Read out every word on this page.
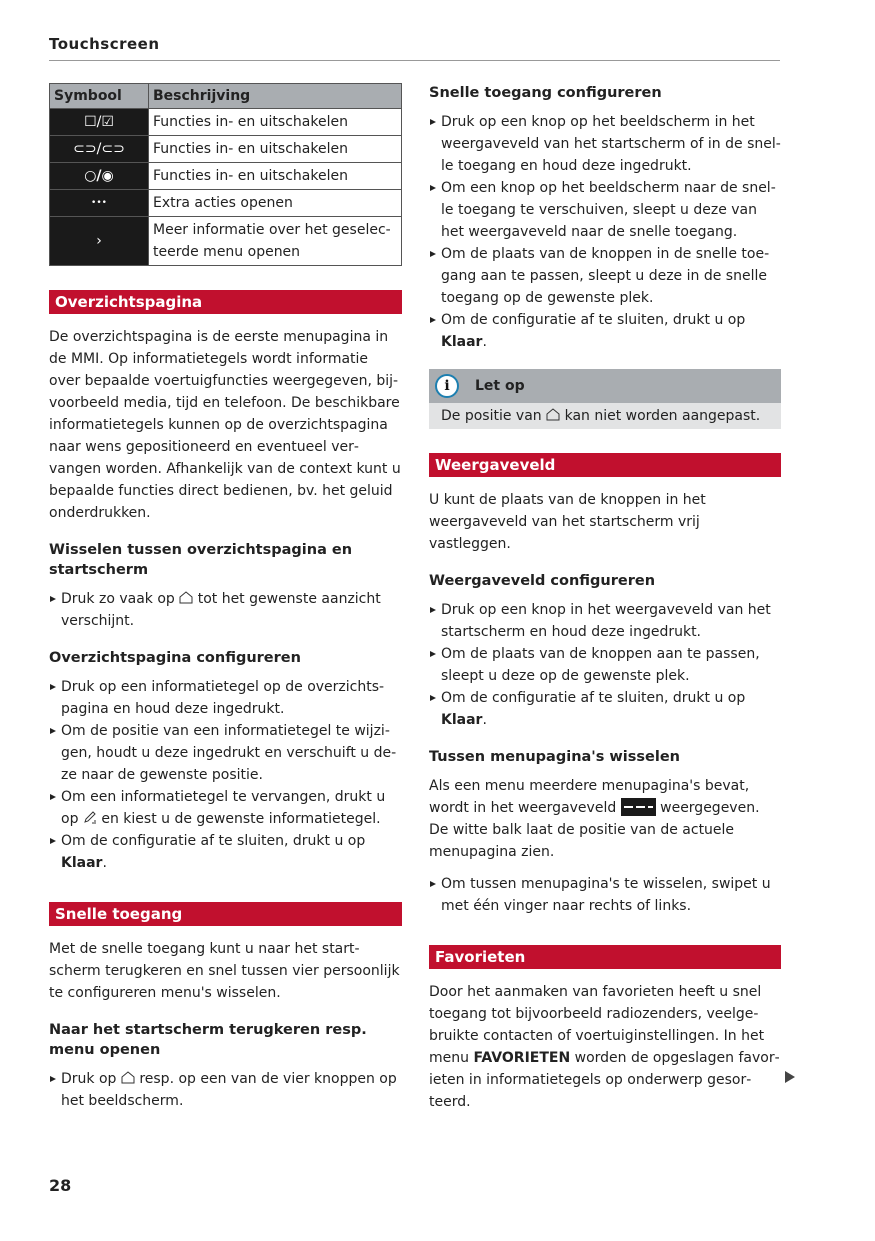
Touchscreen
Symbool	Beschrijving
☐/☑	Functies in- en uitschakelen
⊂⊃/⊂⊃	Functies in- en uitschakelen
○/◉	Functies in- en uitschakelen
•••	Extra acties openen
›	Meer informatie over het geselecteerde menu openen
Overzichtspagina

De overzichtspagina is de eerste menupagina in de MMI. Op informatietegels wordt informatie over bepaalde voertuigfuncties weergegeven, bijvoorbeeld media, tijd en telefoon. De beschikbare informatietegels kunnen op de overzichtspagina naar wens gepositioneerd en eventueel vervangen worden. Afhankelijk van de context kunt u bepaalde functies direct bedienen, bv. het geluid onderdrukken.

Wisselen tussen overzichtspagina en startscherm
Druk zo vaak op tot het gewenste aanzicht verschijnt.
Overzichtspagina configureren
Druk op een informatietegel op de overzichtspagina en houd deze ingedrukt.
Om de positie van een informatietegel te wijzigen, houdt u deze ingedrukt en verschuift u deze naar de gewenste positie.
Om een informatietegel te vervangen, drukt u op en kiest u de gewenste informatietegel.
Om de configuratie af te sluiten, drukt u op Klaar.
Snelle toegang

Met de snelle toegang kunt u naar het startscherm terugkeren en snel tussen vier persoonlijk te configureren menu's wisselen.

Naar het startscherm terugkeren resp. menu openen
Druk op resp. op een van de vier knoppen op het beeldscherm.
Snelle toegang configureren
Druk op een knop op het beeldscherm in het weergaveveld van het startscherm of in de snelle toegang en houd deze ingedrukt.
Om een knop op het beeldscherm naar de snelle toegang te verschuiven, sleept u deze van het weergaveveld naar de snelle toegang.
Om de plaats van de knoppen in de snelle toegang aan te passen, sleept u deze in de snelle toegang op de gewenste plek.
Om de configuratie af te sluiten, drukt u op Klaar.
i	Let op
De positie van kan niet worden aangepast.
Weergaveveld

U kunt de plaats van de knoppen in het weergaveveld van het startscherm vrij vastleggen.

Weergaveveld configureren
Druk op een knop in het weergaveveld van het startscherm en houd deze ingedrukt.
Om de plaats van de knoppen aan te passen, sleept u deze op de gewenste plek.
Om de configuratie af te sluiten, drukt u op Klaar.
Tussen menupagina's wisselen

Als een menu meerdere menupagina's bevat, wordt in het weergaveveld	weergegeven. De witte balk laat de positie van de actuele menupagina zien.

Om tussen menupagina's te wisselen, swipet u met één vinger naar rechts of links.
Favorieten

Door het aanmaken van favorieten heeft u snel toegang tot bijvoorbeeld radiozenders, veelgebruikte contacten of voertuiginstellingen. In het menu FAVORIETEN worden de opgeslagen favorieten in informatietegels op onderwerp gesorteerd.

28
